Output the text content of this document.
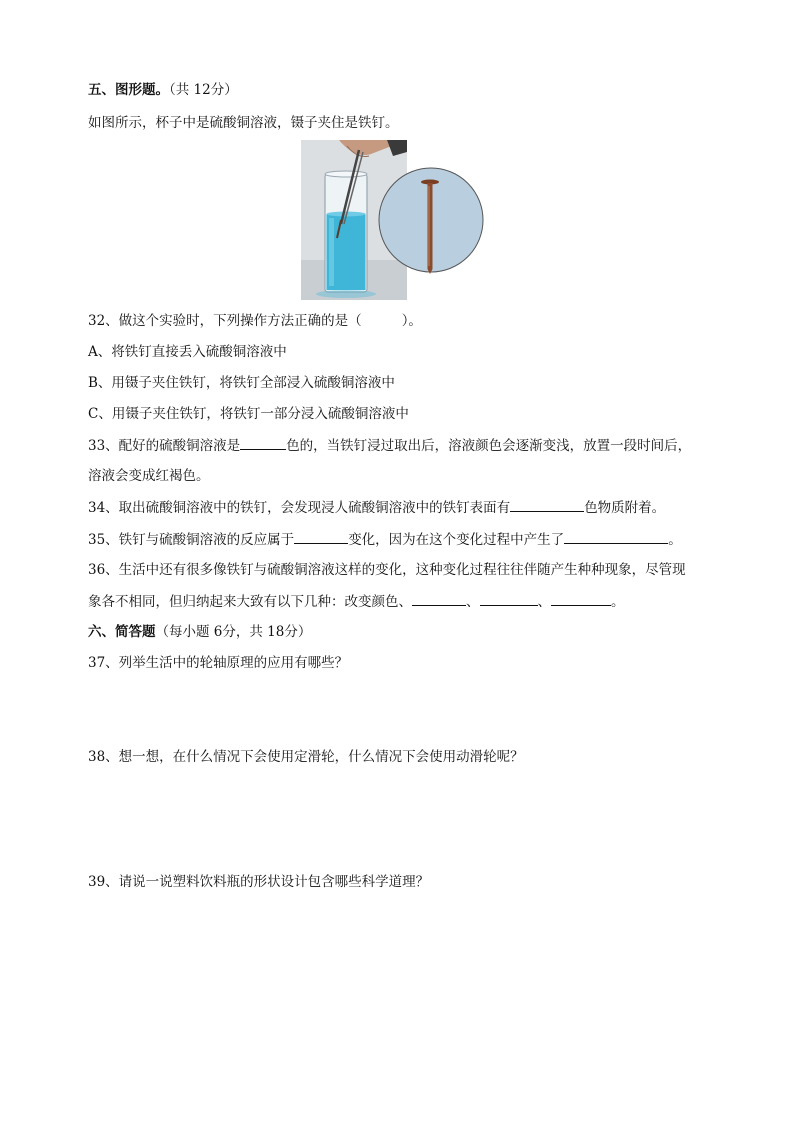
五、图形题。（共 12分）
如图所示，杯子中是硫酸铜溶液，镊子夹住是铁钉。
32、做这个实验时，下列操作方法正确的是（	）。
A、将铁钉直接丢入硫酸铜溶液中
B、用镊子夹住铁钉，将铁钉全部浸入硫酸铜溶液中
C、用镊子夹住铁钉，将铁钉一部分浸入硫酸铜溶液中
33、配好的硫酸铜溶液是	色的，当铁钉浸过取出后，溶液颜色会逐渐变浅，放置一段时间后，
溶液会变成红褐色。
34、取出硫酸铜溶液中的铁钉，会发现浸人硫酸铜溶液中的铁钉表面有	色物质附着。
35、铁钉与硫酸铜溶液的反应属于	变化，因为在这个变化过程中产生了	。
36、生活中还有很多像铁钉与硫酸铜溶液这样的变化，这种变化过程往往伴随产生种种现象，尽管现
象各不相同，但归纳起来大致有以下几种：改变颜色、	、	、	。
六、简答题（每小题 6分，共 18分）
37、列举生活中的轮轴原理的应用有哪些？
38、想一想，在什么情况下会使用定滑轮，什么情况下会使用动滑轮呢？
39、请说一说塑料饮料瓶的形状设计包含哪些科学道理？
